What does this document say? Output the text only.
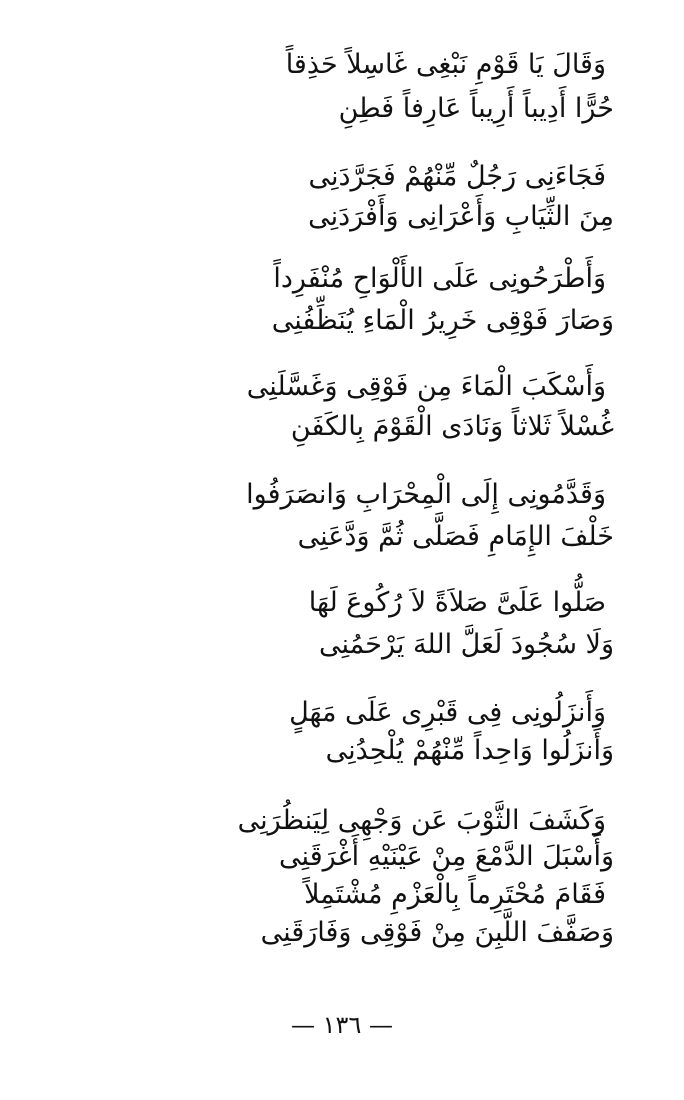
وَقَالَ يَا قَوْمِ نَبْغِى غَاسِلاً حَذِقاً
حُرًّا أَدِيباً أَرِيباً عَارِفاً فَطِنِ
فَجَاءَنِى رَجُلٌ مِّنْهُمْ فَجَرَّدَنِى
مِنَ الثِّيَابِ وَأَعْرَانِى وَأَفْرَدَنِى
وَأَطْرَحُونِى عَلَى الأَلْوَاحِ مُنْفَرِداً
وَصَارَ فَوْقِى خَرِيرُ الْمَاءِ يُنَظِّفُنِى
وَأَسْكَبَ الْمَاءَ مِن فَوْقِى وَغَسَّلَنِى
غُسْلاً ثَلاثاً وَنَادَى الْقَوْمَ بِالكَفَنِ
وَقَدَّمُونِى إِلَى الْمِحْرَابِ وَانصَرَفُوا
خَلْفَ الإِمَامِ فَصَلَّى ثُمَّ وَدَّعَنِى
صَلُّوا عَلَىَّ صَلاَةً لاَ رُكُوعَ لَهَا
وَلَا سُجُودَ لَعَلَّ اللهَ يَرْحَمُنِى
وَأَنزَلُونِى فِى قَبْرِى عَلَى مَهَلٍ
وَأَنزَلُوا وَاحِداً مِّنْهُمْ يُلْحِدُنِى
وَكَشَفَ الثَّوْبَ عَن وَجْهِى لِيَنظُرَنِى
وَأَسْبَلَ الدَّمْعَ مِنْ عَيْنَيْهِ أَغْرَقَنِى
فَقَامَ مُحْتَرِماً بِالْعَزْمِ مُشْتَمِلاً
وَصَفَّفَ اللَّبِنَ مِنْ فَوْقِى وَفَارَقَنِى
— ١٣٦ —
